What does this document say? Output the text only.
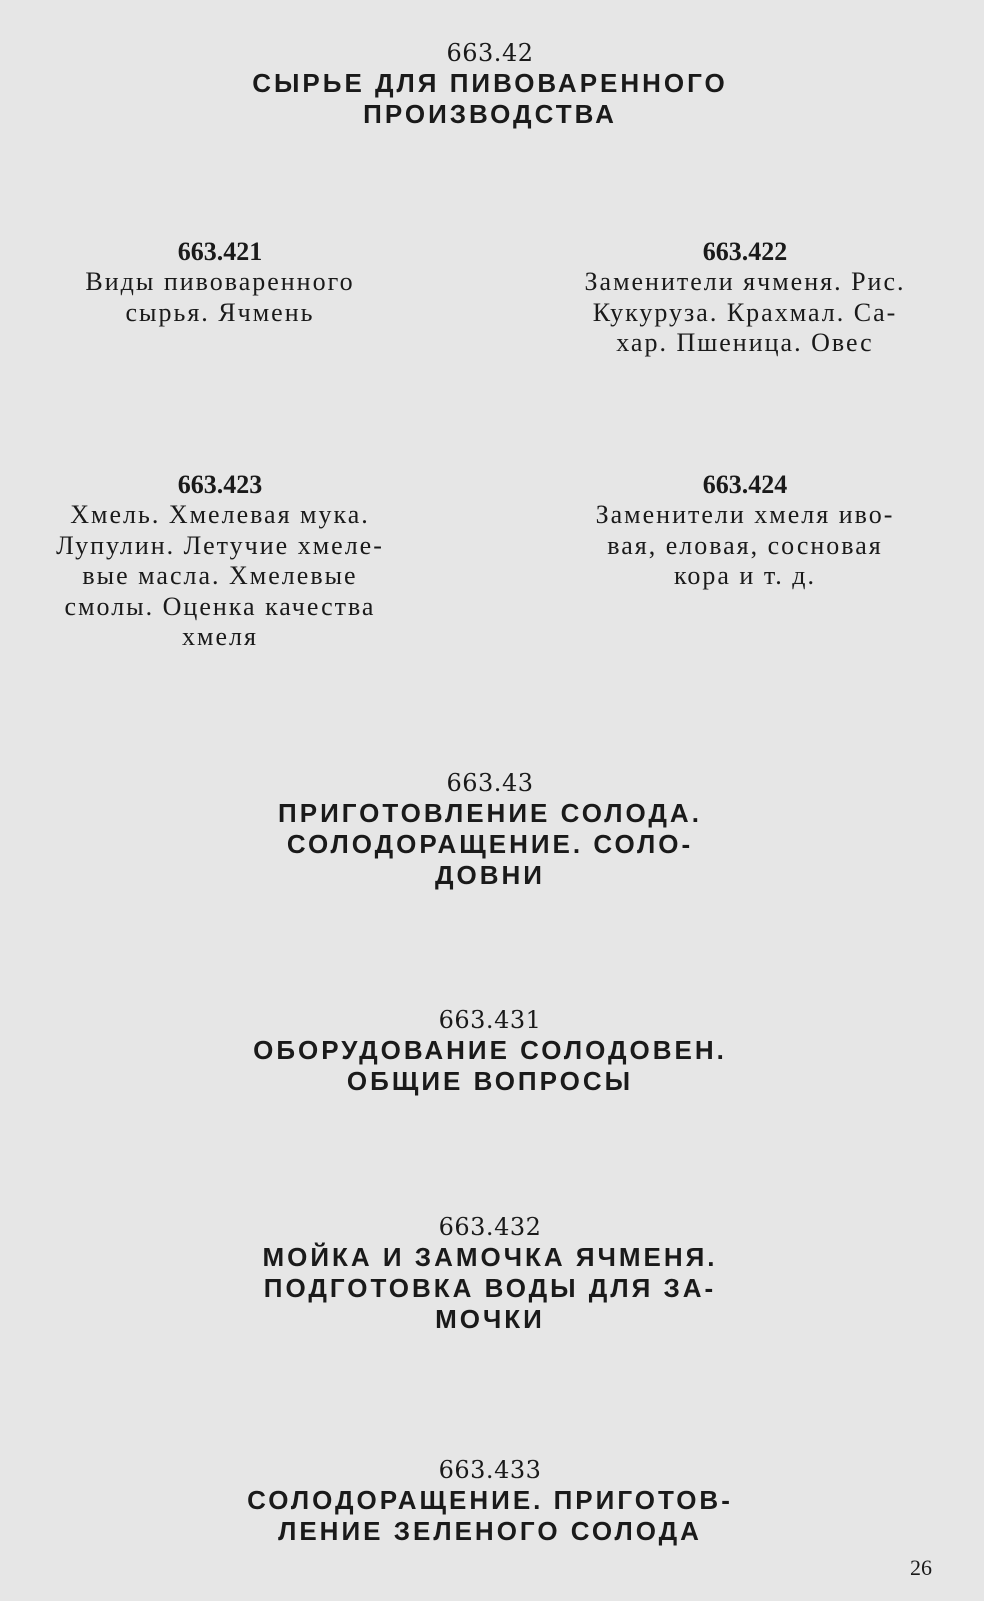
663.42
СЫРЬЕ ДЛЯ ПИВОВАРЕННОГО
ПРОИЗВОДСТВА
663.421
Виды пивоваренного
сырья. Ячмень
663.422
Заменители ячменя. Рис.
Кукуруза. Крахмал. Са-
хар. Пшеница. Овес
663.423
Хмель. Хмелевая мука.
Лупулин. Летучие хмеле-
вые масла. Хмелевые
смолы. Оценка качества
хмеля
663.424
Заменители хмеля иво-
вая, еловая, сосновая
кора и т. д.
663.43
ПРИГОТОВЛЕНИЕ СОЛОДА.
СОЛОДОРАЩЕНИЕ. СОЛО-
ДОВНИ
663.431
ОБОРУДОВАНИЕ СОЛОДОВЕН.
ОБЩИЕ ВОПРОСЫ
663.432
МОЙКА И ЗАМОЧКА ЯЧМЕНЯ.
ПОДГОТОВКА ВОДЫ ДЛЯ ЗА-
МОЧКИ
663.433
СОЛОДОРАЩЕНИЕ. ПРИГОТОВ-
ЛЕНИЕ ЗЕЛЕНОГО СОЛОДА
26
